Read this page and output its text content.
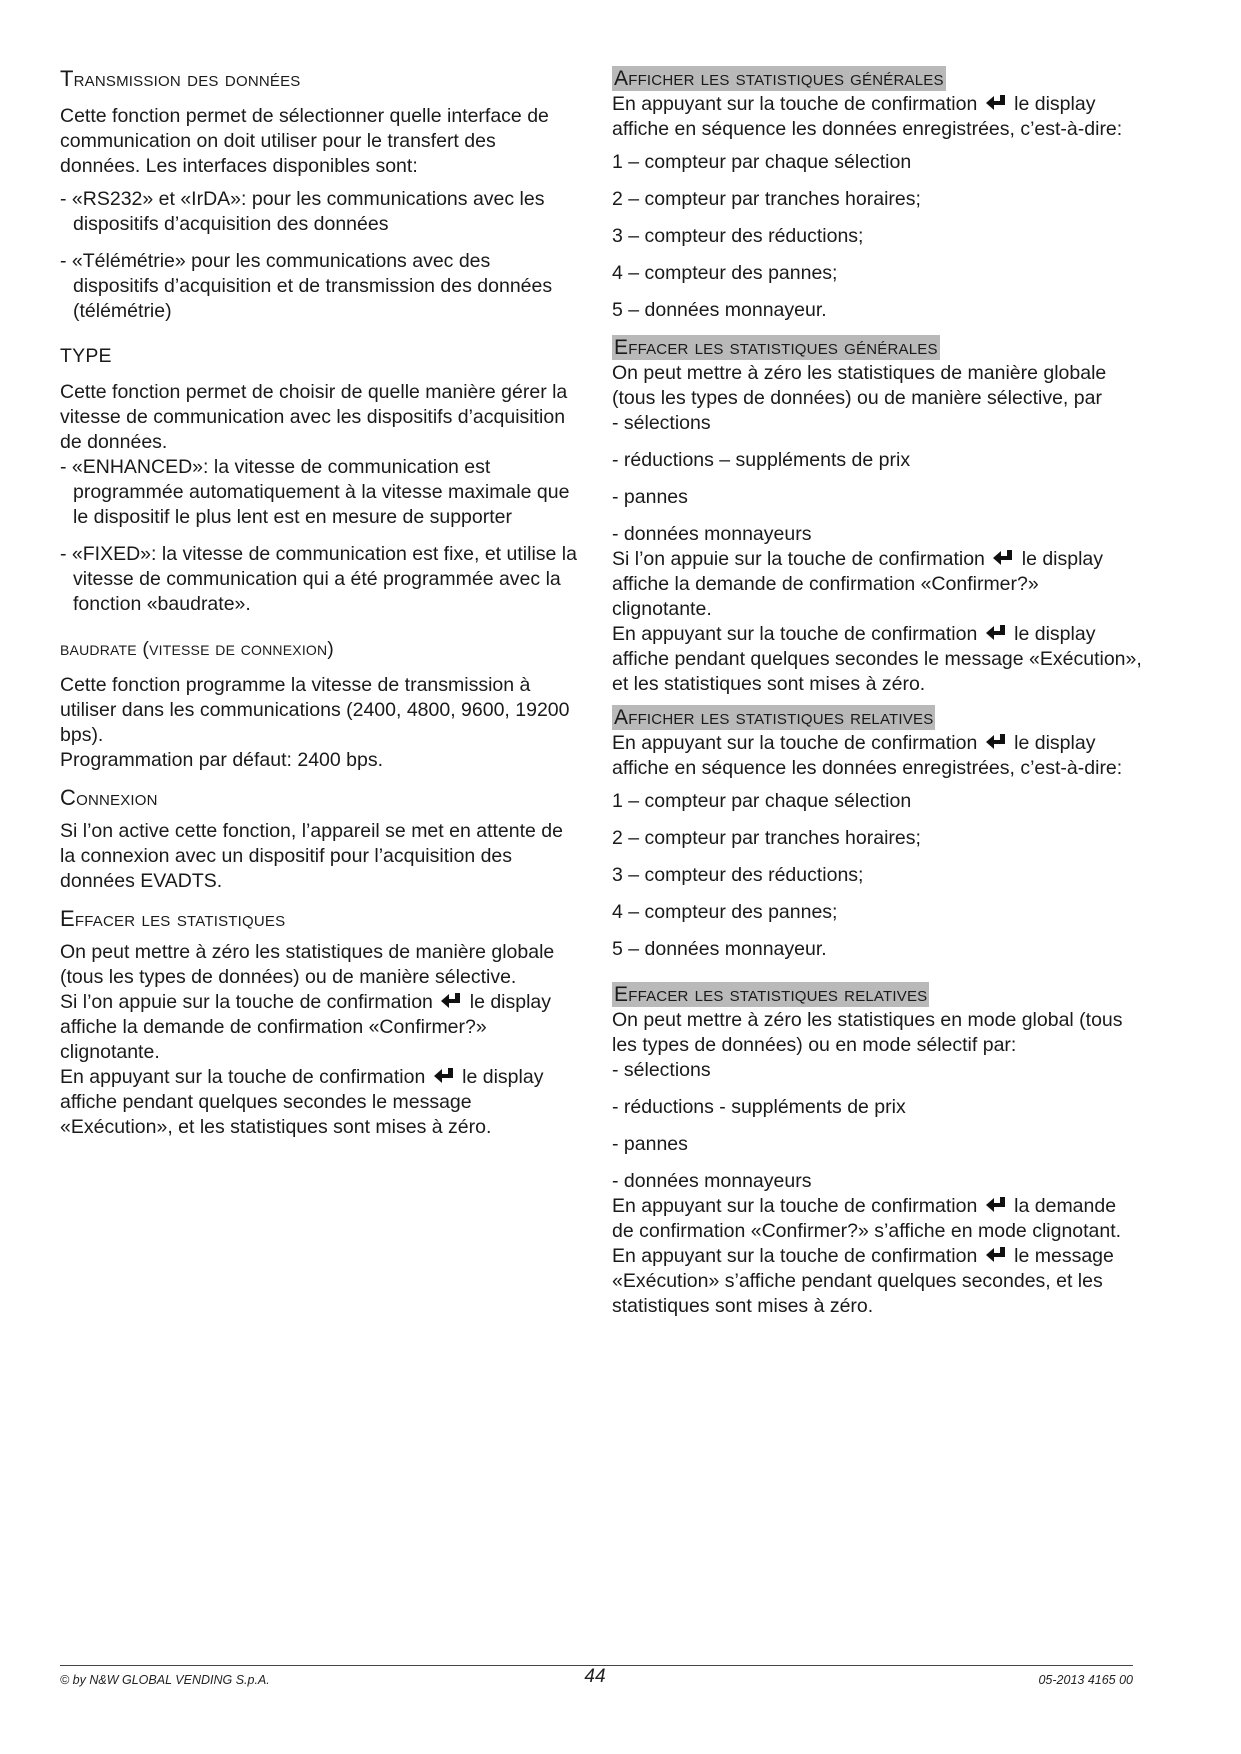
Transmission des données

Cette fonction permet de sélectionner quelle interface de communication on doit utiliser pour le transfert des données. Les interfaces disponibles sont:

- «RS232» et «IrDA»: pour les communications avec les dispositifs d’acquisition des données

- «Télémétrie» pour les communications avec des dispositifs d’acquisition et de transmission des données (télémétrie)

TYPE

Cette fonction permet de choisir de quelle manière gérer la vitesse de communication avec les dispositifs d’acquisition de données.

- «ENHANCED»: la vitesse de communication est programmée automatiquement à la vitesse maximale que le dispositif le plus lent est en mesure de supporter

- «FIXED»: la vitesse de communication est fixe, et utilise la vitesse de communication qui a été programmée avec la fonction «baudrate».

baudrate (vitesse de connexion)

Cette fonction programme la vitesse de transmission à utiliser dans les communications (2400, 4800, 9600, 19200 bps).

Programmation par défaut: 2400 bps.

Connexion

Si l’on active cette fonction, l’appareil se met en attente de la connexion avec un dispositif pour l’acquisition des données EVADTS.

Effacer les statistiques

On peut mettre à zéro les statistiques de manière globale (tous les types de données) ou de manière sélective.

Si l’on appuie sur la touche de confirmation le display affiche la demande de confirmation «Confirmer?» clignotante.

En appuyant sur la touche de confirmation le display affiche pendant quelques secondes le message «Exécution», et les statistiques sont mises à zéro.

Afficher les statistiques générales

En appuyant sur la touche de confirmation le display affiche en séquence les données enregistrées, c’est-à-dire:

1 – compteur par chaque sélection

2 – compteur par tranches horaires;

3 – compteur des réductions;

4 – compteur des pannes;

5 – données monnayeur.

Effacer les statistiques générales

On peut mettre à zéro les statistiques de manière globale (tous les types de données) ou de manière sélective, par

- sélections

- réductions – suppléments de prix

- pannes

- données monnayeurs

Si l’on appuie sur la touche de confirmation le display affiche la demande de confirmation «Confirmer?» clignotante.

En appuyant sur la touche de confirmation le display affiche pendant quelques secondes le message «Exécution», et les statistiques sont mises à zéro.

Afficher les statistiques relatives

En appuyant sur la touche de confirmation le display affiche en séquence les données enregistrées, c’est-à-dire:

1 – compteur par chaque sélection

2 – compteur par tranches horaires;

3 – compteur des réductions;

4 – compteur des pannes;

5 – données monnayeur.

Effacer les statistiques relatives

On peut mettre à zéro les statistiques en mode global (tous les types de données) ou en mode sélectif par:

- sélections

- réductions - suppléments de prix

- pannes

- données monnayeurs

En appuyant sur la touche de confirmation la demande de confirmation «Confirmer?» s’affiche en mode clignotant.

En appuyant sur la touche de confirmation le message «Exécution» s’affiche pendant quelques secondes, et les statistiques sont mises à zéro.

© by N&W GLOBAL VENDING S.p.A.	44	05-2013 4165 00
